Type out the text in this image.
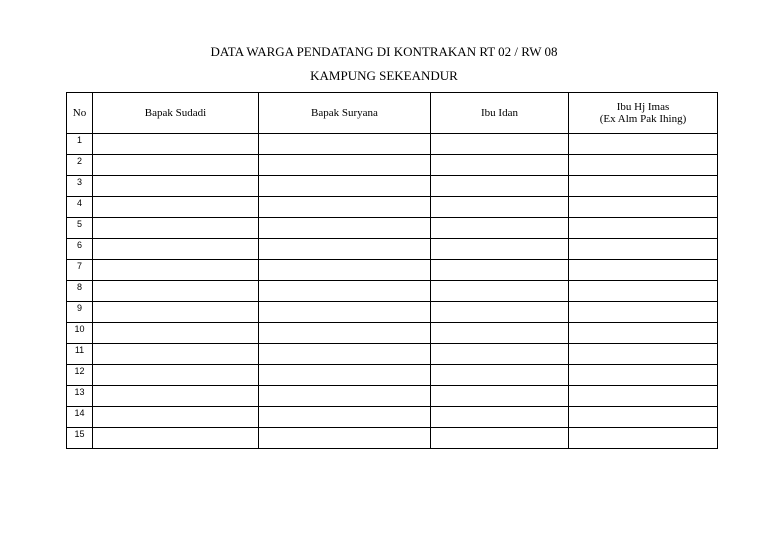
DATA WARGA PENDATANG DI KONTRAKAN RT 02 / RW 08
KAMPUNG SEKEANDUR
No	Bapak Sudadi	Bapak Suryana	Ibu Idan	Ibu Hj Imas
(Ex Alm Pak Ihing)

1				
2				
3				
4				
5				
6				
7				
8				
9				
10				
11				
12				
13				
14				
15				
